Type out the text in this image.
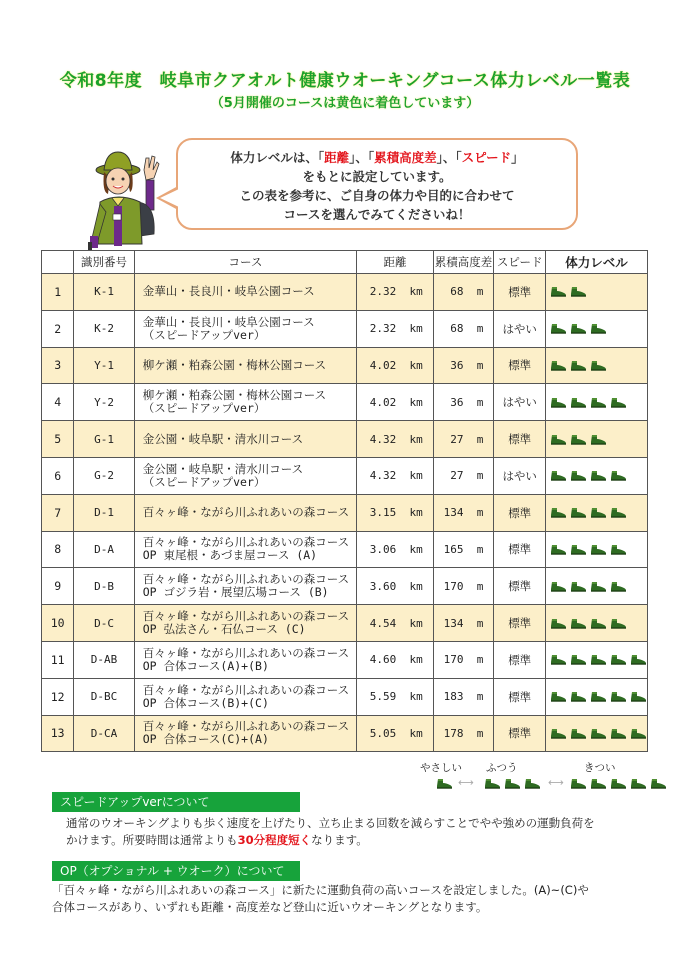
令和8年度　岐阜市クアオルト健康ウオーキングコース体力レベル一覧表
（5月開催のコースは黄色に着色しています）
体力レベルは、「距離」、「累積高度差」、「スピード」
をもとに設定しています。
この表を参考に、ご自身の体力や目的に合わせて
コースを選んでみてくださいね！
	識別番号	コース	距離	累積高度差	スピード	体力レベル
1	K-1	金華山・長良川・岐阜公園コース	2.32  km	68  m	標準	

2	K-2	金華山・長良川・岐阜公園コース
（スピードアップver）	2.32  km	68  m	はやい	

3	Y-1	柳ケ瀬・粕森公園・梅林公園コース	4.02  km	36  m	標準	

4	Y-2	柳ケ瀬・粕森公園・梅林公園コース
（スピードアップver）	4.02  km	36  m	はやい	

5	G-1	金公園・岐阜駅・清水川コース	4.32  km	27  m	標準	

6	G-2	金公園・岐阜駅・清水川コース
（スピードアップver）	4.32  km	27  m	はやい	

7	D-1	百々ヶ峰・ながら川ふれあいの森コース	3.15  km	134  m	標準	

8	D-A	百々ヶ峰・ながら川ふれあいの森コース
OP 東尾根・あづま屋コース (A)	3.06  km	165  m	標準	

9	D-B	百々ヶ峰・ながら川ふれあいの森コース
OP ゴジラ岩・展望広場コース (B)	3.60  km	170  m	標準	

10	D-C	百々ヶ峰・ながら川ふれあいの森コース
OP 弘法さん・石仏コース (C)	4.54  km	134  m	標準	

11	D-AB	百々ヶ峰・ながら川ふれあいの森コース
OP 合体コース(A)+(B)	4.60  km	170  m	標準	

12	D-BC	百々ヶ峰・ながら川ふれあいの森コース
OP 合体コース(B)+(C)	5.59  km	183  m	標準	

13	D-CA	百々ヶ峰・ながら川ふれあいの森コース
OP 合体コース(C)+(A)	5.05  km	178  m	標準	
やさしい ふつう	きつい
⟷	⟷
スピードアップverについて
通常のウオーキングよりも歩く速度を上げたり、立ち止まる回数を減らすことでやや強めの運動負荷を
かけます。所要時間は通常よりも30分程度短くなります。
OP（オプショナル + ウオーク）について
「百々ヶ峰・ながら川ふれあいの森コース」に新たに運動負荷の高いコースを設定しました。(A)~(C)や
合体コースがあり、いずれも距離・高度差など登山に近いウオーキングとなります。
